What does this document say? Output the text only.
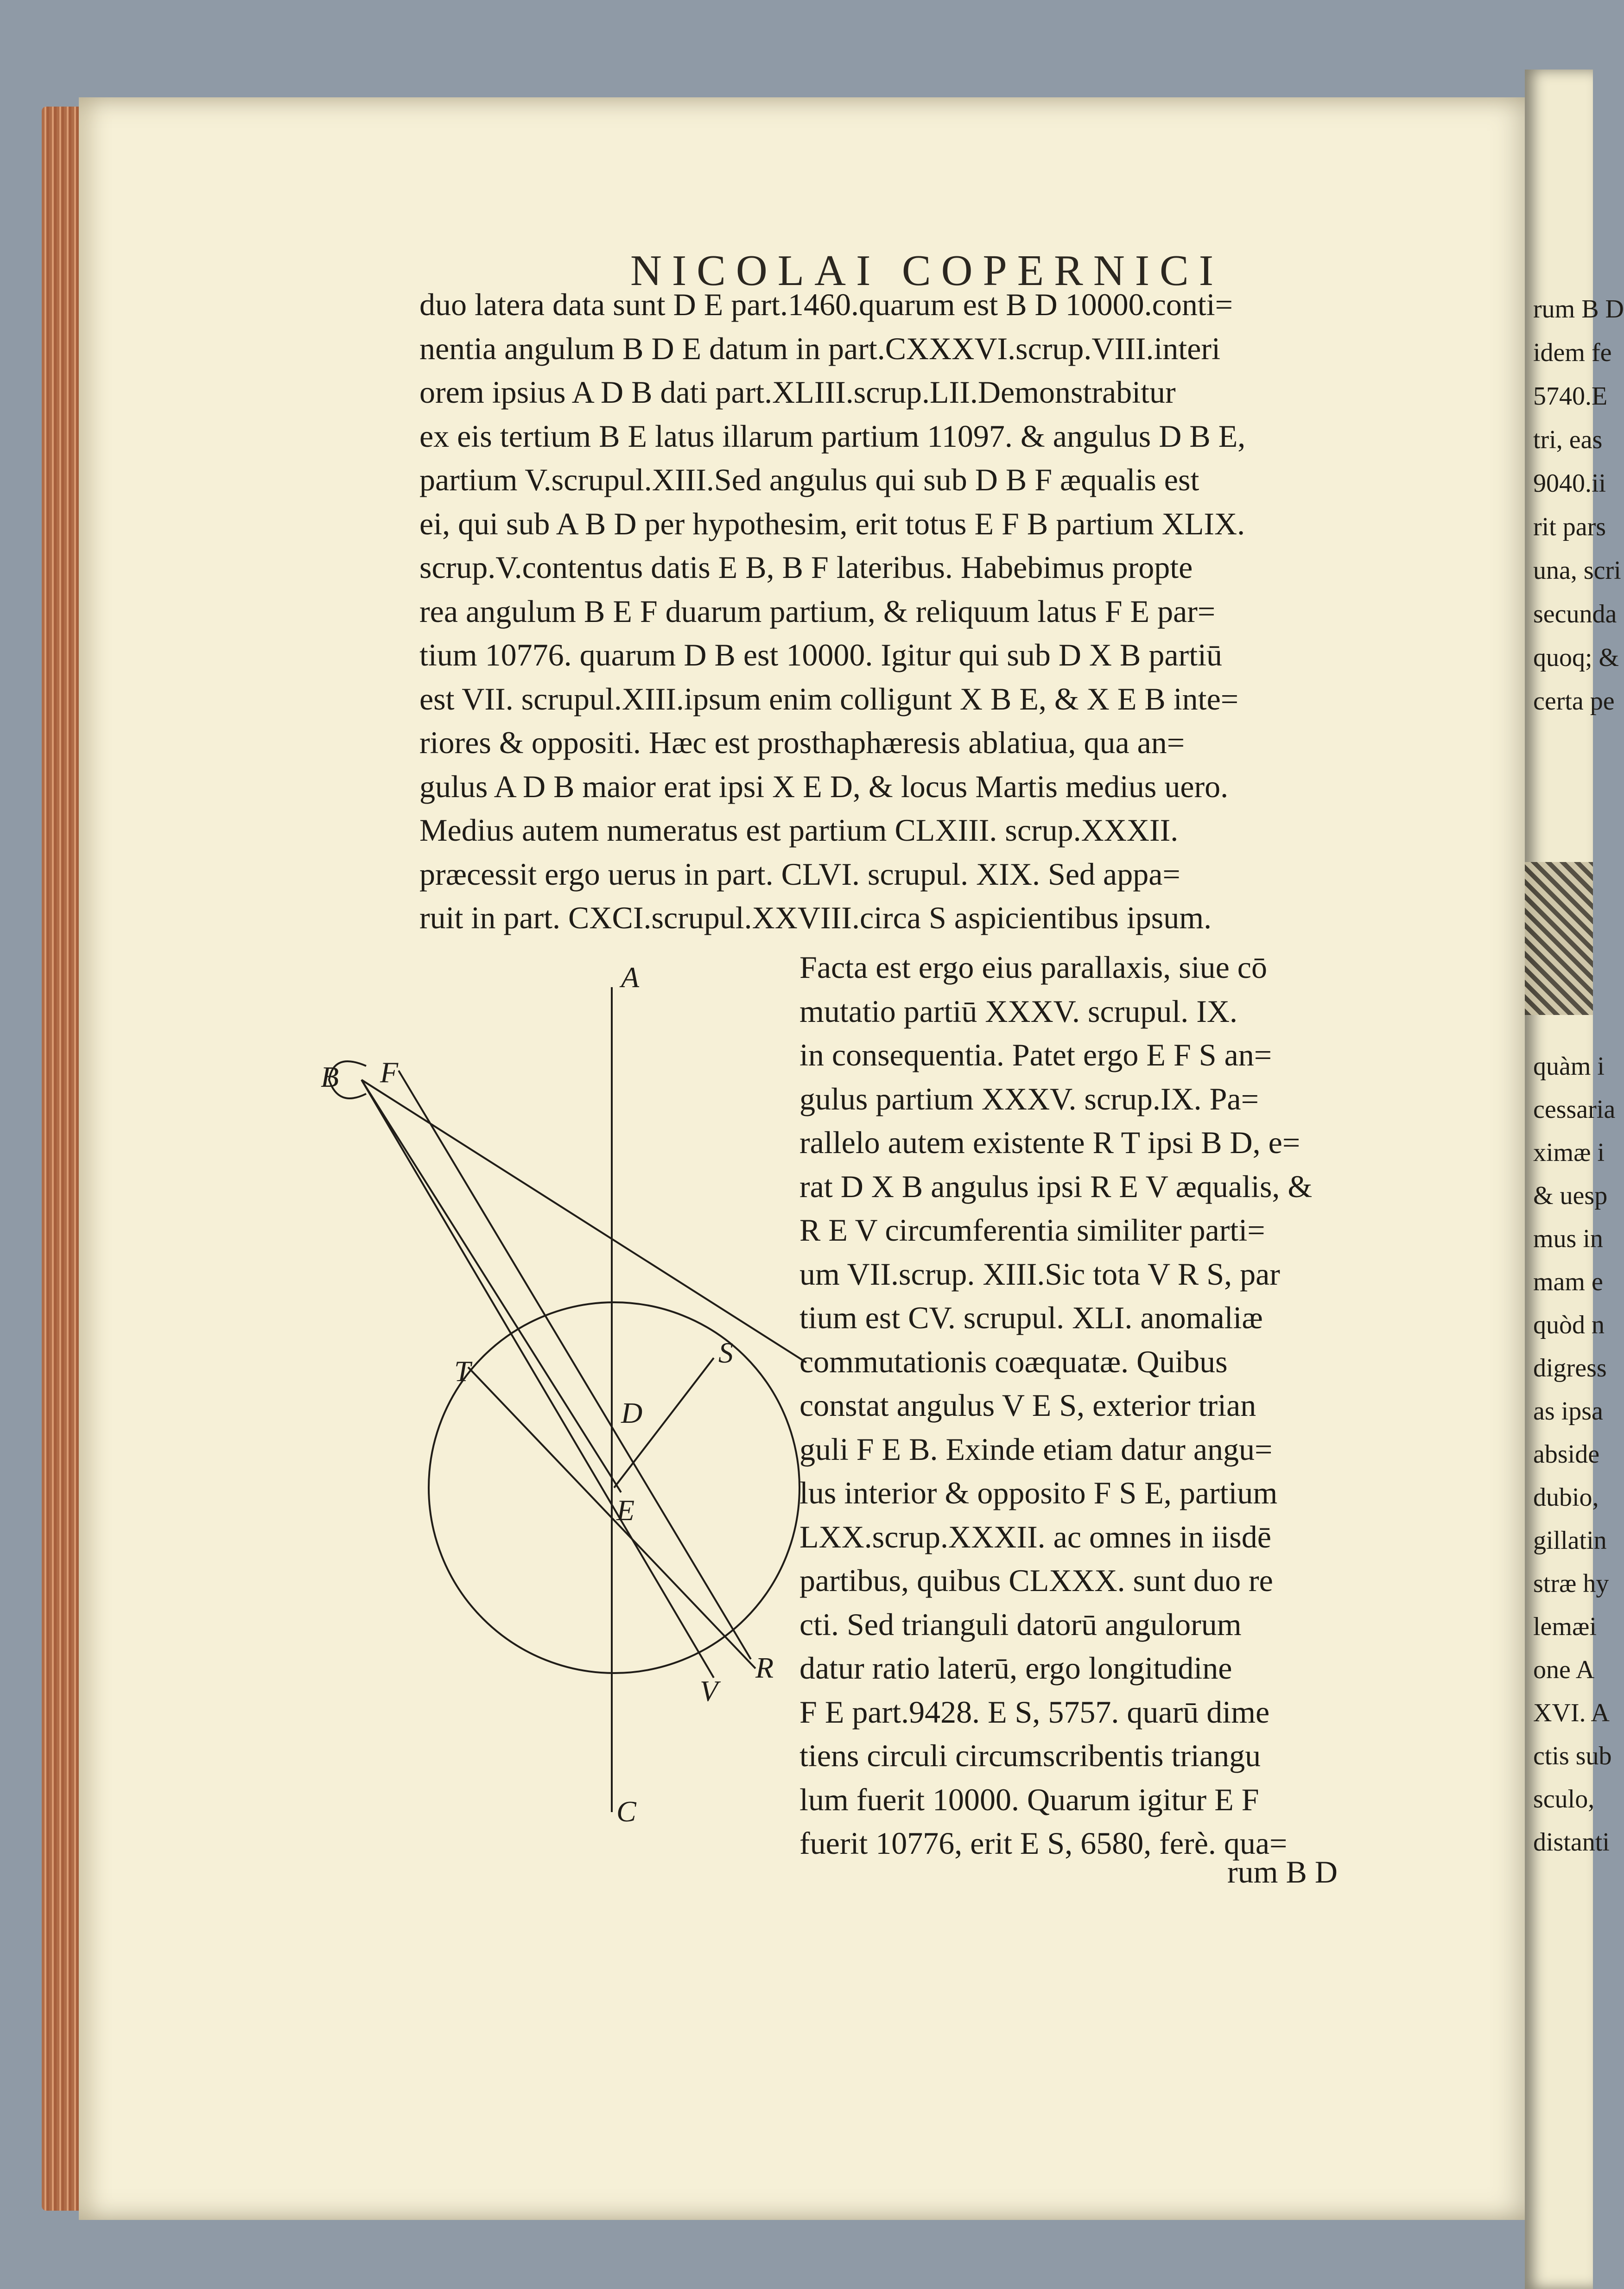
NICOLAI COPERNICI
duo latera data sunt D E part.1460.quarum est B D 10000.conti=
nentia angulum B D E datum in part.CXXXVI.scrup.VIII.interi
orem ipsius A D B dati part.XLIII.scrup.LII.Demonstrabitur
ex eis tertium B E latus illarum partium 11097. & angulus D B E,
partium V.scrupul.XIII.Sed angulus qui sub D B F æqualis est
ei, qui sub A B D per hypothesim, erit totus E F B partium XLIX.
scrup.V.contentus datis E B, B F lateribus. Habebimus propte
rea angulum B E F duarum partium, & reliquum latus F E par=
tium 10776. quarum D B est 10000. Igitur qui sub D X B partiū
est VII. scrupul.XIII.ipsum enim colligunt X B E, & X E B inte=
riores & oppositi. Hæc est prosthaphæresis ablatiua, qua an=
gulus A D B maior erat ipsi X E D, & locus Martis medius uero.
Medius autem numeratus est partium CLXIII. scrup.XXXII.
præcessit ergo uerus in part. CLVI. scrupul. XIX. Sed appa=
ruit in part. CXCI.scrupul.XXVIII.circa S aspicientibus ipsum.
Facta est ergo eius parallaxis, siue cō
mutatio partiū XXXV. scrupul. IX.
in consequentia. Patet ergo E F S an=
gulus partium XXXV. scrup.IX. Pa=
rallelo autem existente R T ipsi B D, e=
rat D X B angulus ipsi R E V æqualis, &
R E V circumferentia similiter parti=
um VII.scrup. XIII.Sic tota V R S, par
tium est CV. scrupul. XLI. anomaliæ
commutationis coæquatæ. Quibus
constat angulus V E S, exterior trian
guli F E B. Exinde etiam datur angu=
lus interior & opposito F S E, partium
LXX.scrup.XXXII. ac omnes in iisdē
partibus, quibus CLXXX. sunt duo re
cti. Sed trianguli datorū angulorum
datur ratio laterū, ergo longitudine
F E part.9428. E S, 5757. quarū dime
tiens circuli circumscribentis triangu
lum fuerit 10000. Quarum igitur E F
fuerit 10776, erit E S, 6580, ferè. qua=
rum B D
A
B F
T
S
D
E
R
V
C
rum B D
idem fe
5740.E
tri, eas
9040.ii
rit pars
una, scri
secunda
quoq; &
certa pe
quàm i
cessaria
ximæ i
& uesp
mus in
mam e
quòd n
digress
as ipsa
abside
dubio,
gillatin
stræ hy
lemæi
one A
XVI. A
ctis sub
sculo,
distanti
